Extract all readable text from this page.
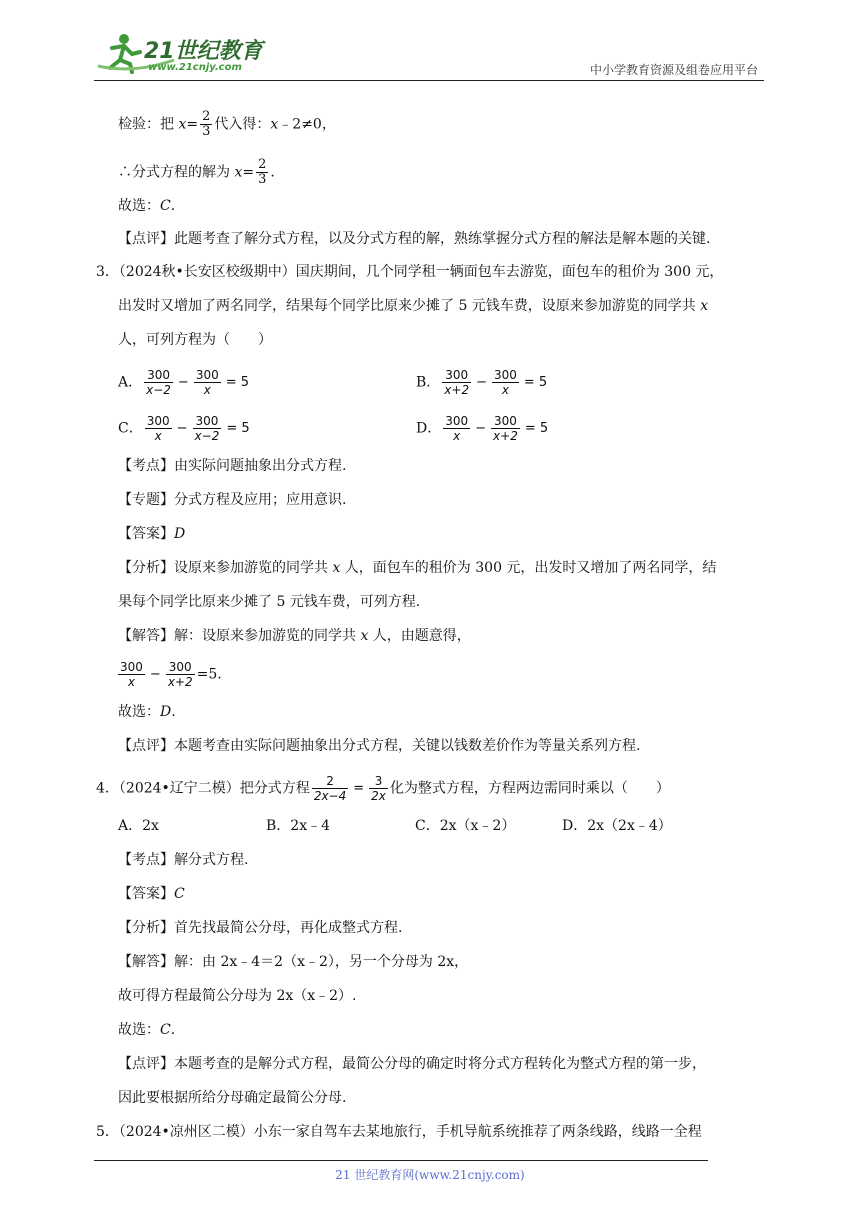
21世纪教育
www.21cnjy.com	中小学教育资源及组卷应用平台
检验：把 $x= \frac{2}{3}$ 代入得：x﹣2≠0，
∴分式方程的解为 $x= \frac{2}{3}$ .
故选：C.
【点评】此题考查了解分式方程，以及分式方程的解，熟练掌握分式方程的解法是解本题的关键.
3．（2024秋•长安区校级期中）国庆期间，几个同学租一辆面包车去游览，面包车的租价为 300 元，
出发时又增加了两名同学，结果每个同学比原来少摊了 5 元钱车费，设原来参加游览的同学共 x
人，可列方程为（　　）
A． $\frac{300}{x-2} - \frac{300}{x} = 5$	B． $\frac{300}{x+2} - \frac{300}{x} = 5$
C． $\frac{300}{x} - \frac{300}{x-2} = 5$	D． $\frac{300}{x} - \frac{300}{x+2} = 5$
【考点】由实际问题抽象出分式方程.
【专题】分式方程及应用；应用意识.
【答案】D
【分析】设原来参加游览的同学共 x 人，面包车的租价为 300 元，出发时又增加了两名同学，结
果每个同学比原来少摊了 5 元钱车费，可列方程.
【解答】解：设原来参加游览的同学共 x 人，由题意得，
$\frac{300}{x} - \frac{300}{x+2} =5$.
故选：D.
【点评】本题考查由实际问题抽象出分式方程，关键以钱数差价作为等量关系列方程.
4．（2024•辽宁二模）把分式方程 $\frac{2}{2x-4} = \frac{3}{2x}$ 化为整式方程，方程两边需同时乘以（　　）
A．2x	B．2x﹣4	C．2x（x﹣2）	D．2x（2x﹣4）
【考点】解分式方程.
【答案】C
【分析】首先找最简公分母，再化成整式方程.
【解答】解：由 2x﹣4＝2（x﹣2），另一个分母为 2x，
故可得方程最简公分母为 2x（x﹣2）.
故选：C.
【点评】本题考查的是解分式方程，最简公分母的确定时将分式方程转化为整式方程的第一步，
因此要根据所给分母确定最简公分母.
5．（2024•凉州区二模）小东一家自驾车去某地旅行，手机导航系统推荐了两条线路，线路一全程
21 世纪教育网(www.21cnjy.com)
